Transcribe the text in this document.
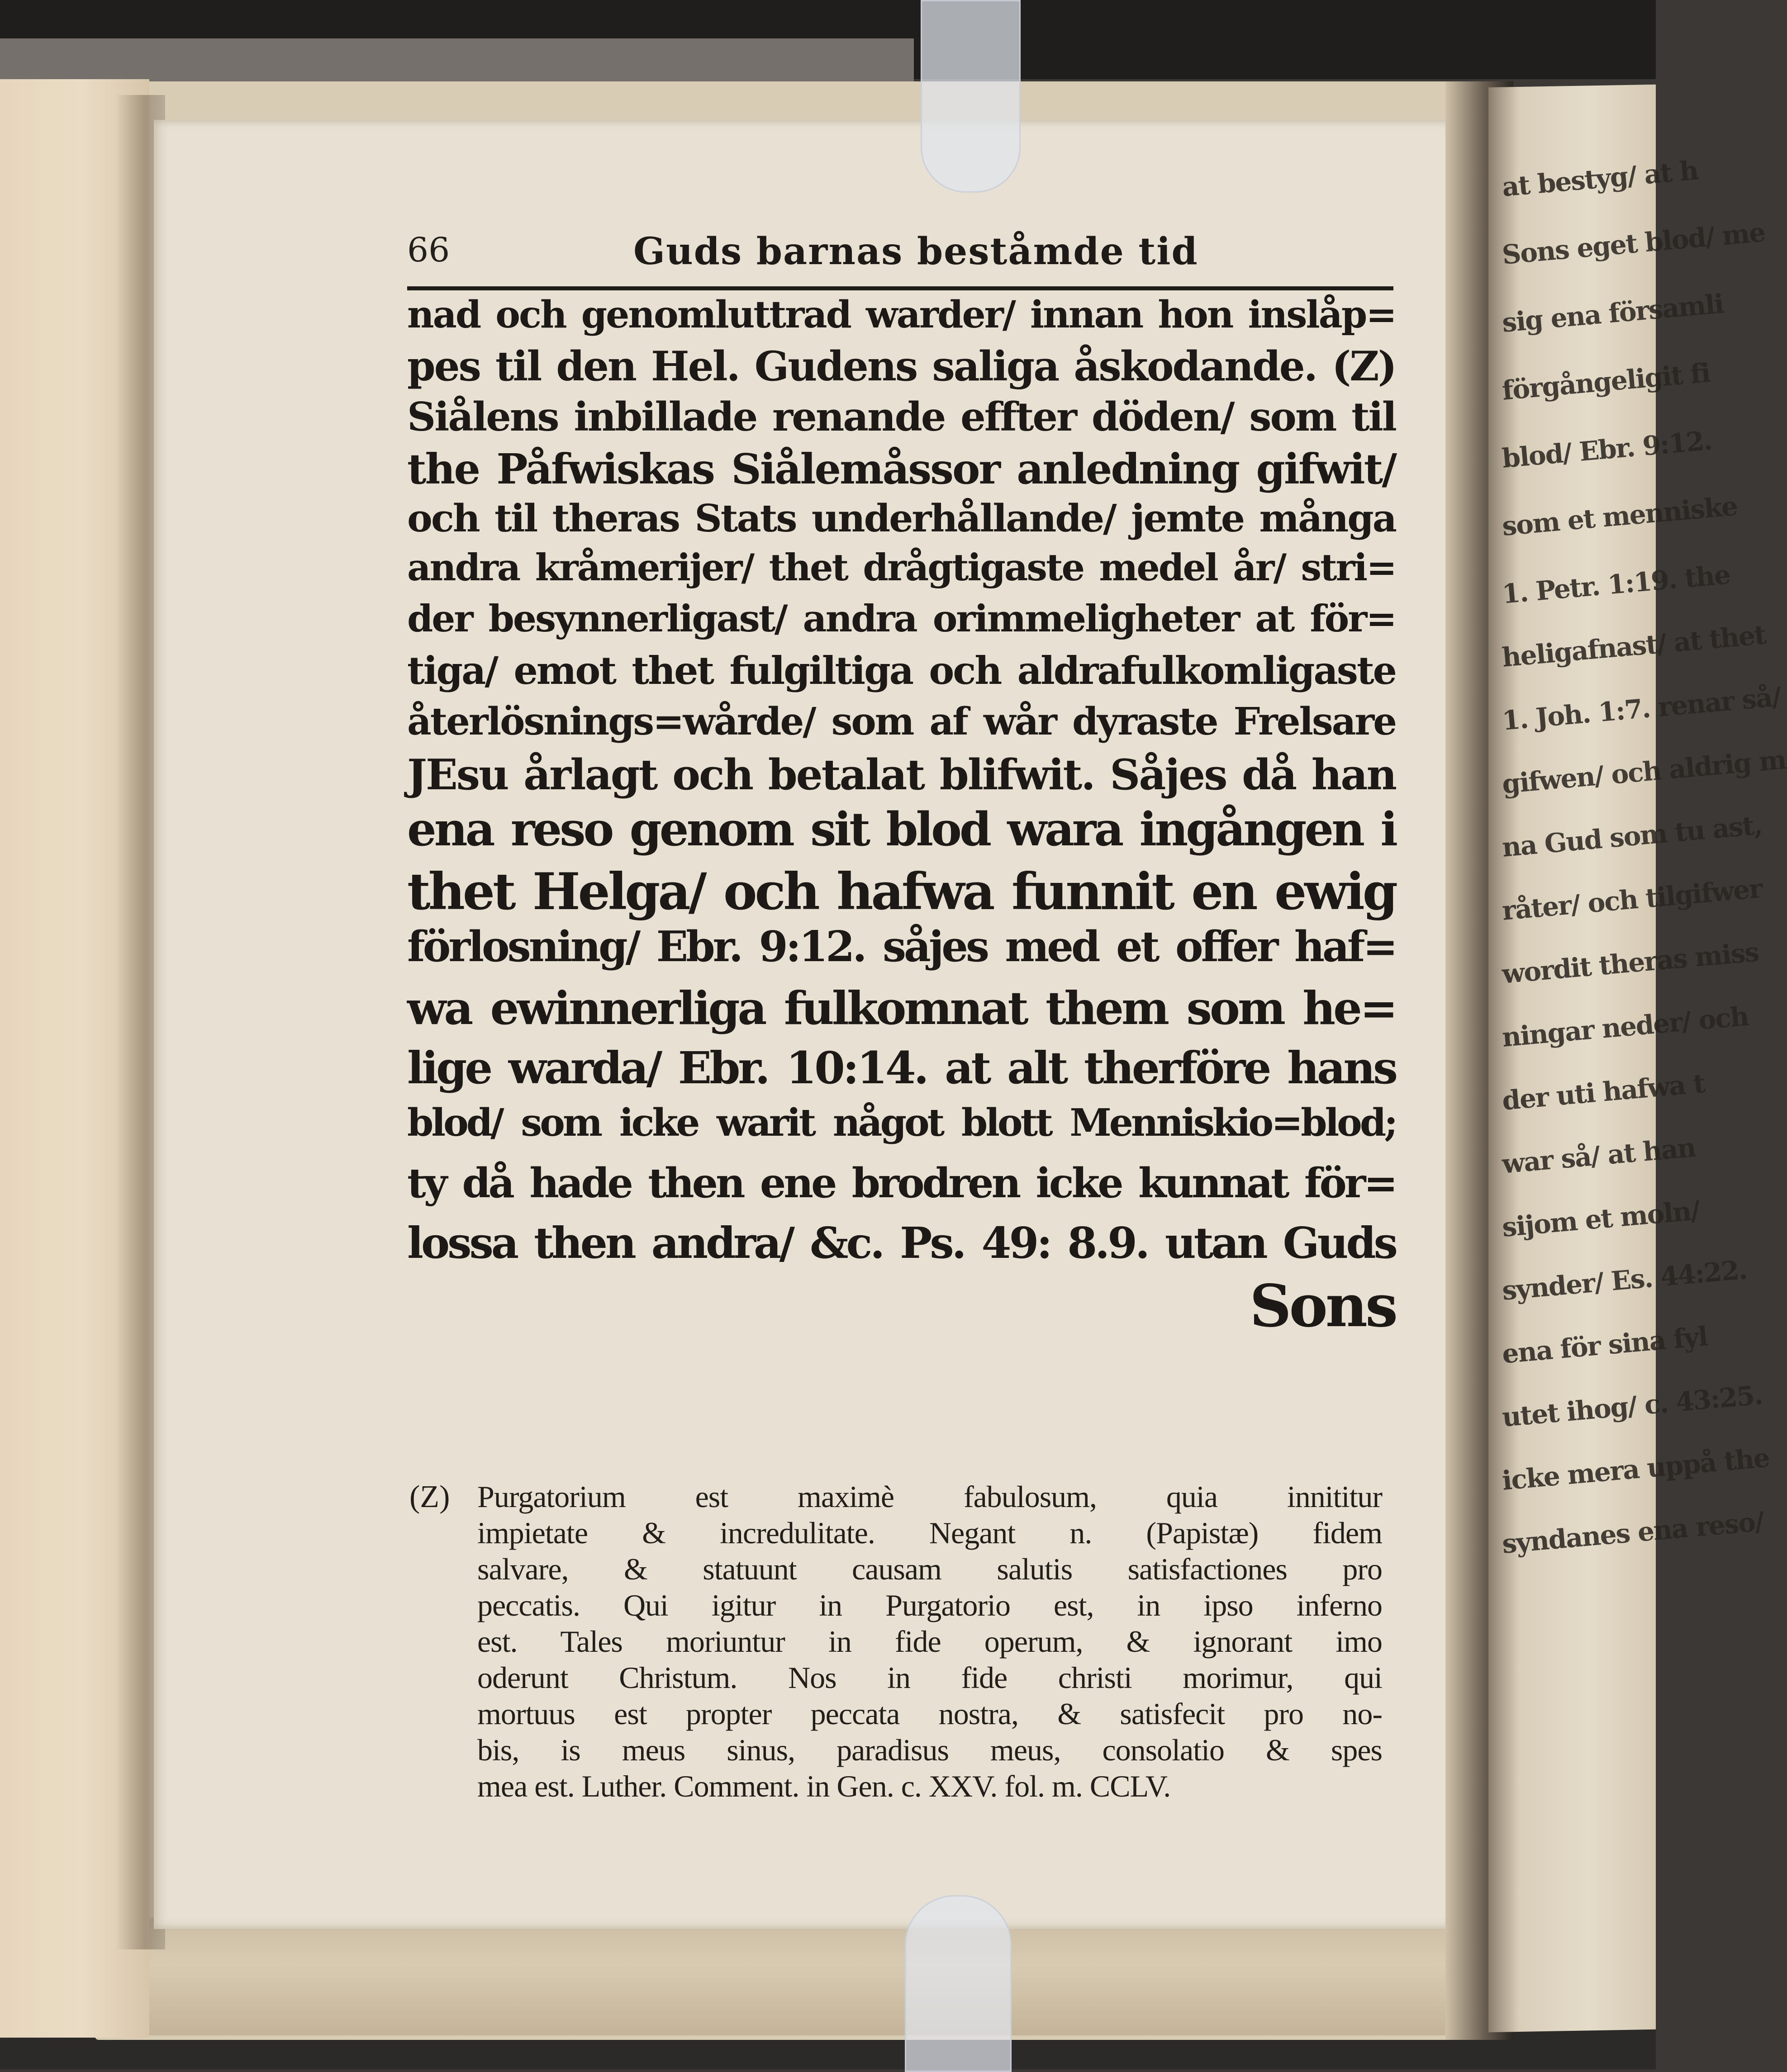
66	Guds barnas beståmde tid
nad och genomluttrad warder/ innan hon inslåp=
pes til den Hel. Gudens saliga åskodande. (Z)
Siålens inbillade renande effter döden/ som til
the Påfwiskas Siålemåssor anledning gifwit/
och til theras Stats underhållande/ jemte många
andra kråmerijer/ thet drågtigaste medel år/ stri=
der besynnerligast/ andra orimmeligheter at för=
tiga/ emot thet fulgiltiga och aldrafulkomligaste
återlösnings=wårde/ som af wår dyraste Frelsare
JEsu årlagt och betalat blifwit. Såjes då han
ena reso genom sit blod wara ingången i
thet Helga/ och hafwa funnit en ewig
förlosning/ Ebr. 9:12. såjes med et offer haf=
wa ewinnerliga fulkomnat them som he=
lige warda/ Ebr. 10:14. at alt therföre hans
blod/ som icke warit något blott Menniskio=blod;
ty då hade then ene brodren icke kunnat för=
lossa then andra/ &c. Ps. 49: 8.9. utan Guds
Sons
(Z) Purgatorium est maximè fabulosum, quia innititur
impietate & incredulitate. Negant n. (Papistæ) fidem
salvare, & statuunt causam salutis satisfactiones pro
peccatis. Qui igitur in Purgatorio est, in ipso inferno
est. Tales moriuntur in fide operum, & ignorant imo
oderunt Christum. Nos in fide christi morimur, qui
mortuus est propter peccata nostra, & satisfecit pro no-
bis, is meus sinus, paradisus meus, consolatio & spes
mea est. Luther. Comment. in Gen. c. XXV. fol. m. CCLV.
at bestyg/ at h
Sons eget blod/ me
sig ena församli
förgångeligit fi
blod/ Ebr. 9:12.
som et menniske
1. Petr. 1:19. the
heligafnast/ at thet
1. Joh. 1:7. renar så/
gifwen/ och aldrig m
na Gud som tu ast,
råter/ och tilgifwer
wordit theras miss
ningar neder/ och
der uti hafwa t
war så/ at han
sijom et moln/
synder/ Es. 44:22.
ena för sina fyl
utet ihog/ c. 43:25.
icke mera uppå the
syndanes ena reso/
